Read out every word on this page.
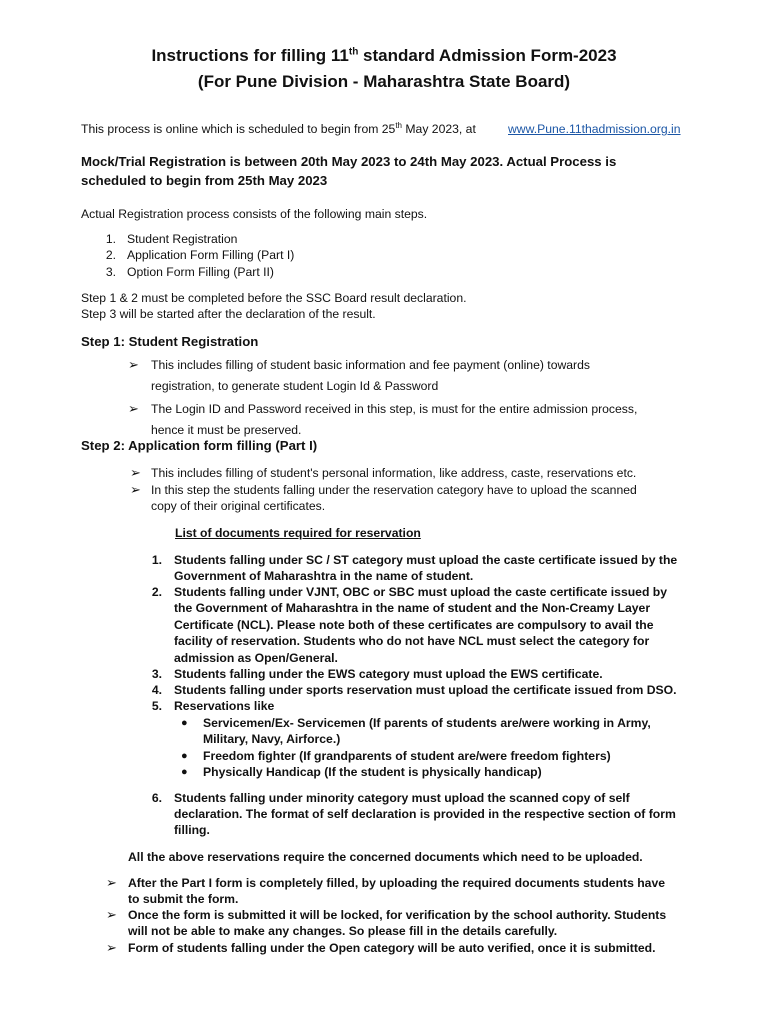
Instructions for filling 11th standard Admission Form-2023
(For Pune Division - Maharashtra State Board)
This process is online which is scheduled to begin from 25th May 2023, at	www.Pune.11thadmission.org.in
Mock/Trial Registration is between 20th May 2023 to 24th May 2023. Actual Process is
scheduled to begin from 25th May 2023
Actual Registration process consists of the following main steps.
1. Student Registration
2. Application Form Filling (Part I)
3. Option Form Filling (Part II)
Step 1 & 2 must be completed before the SSC Board result declaration.
Step 3 will be started after the declaration of the result.
Step 1: Student Registration
➢ This includes filling of student basic information and fee payment (online) towards
registration, to generate student Login Id & Password
➢ The Login ID and Password received in this step, is must for the entire admission process,
hence it must be preserved.
Step 2: Application form filling (Part I)
➢ This includes filling of student's personal information, like address, caste, reservations etc.
➢ In this step the students falling under the reservation category have to upload the scanned
copy of their original certificates.
List of documents required for reservation
1. Students falling under SC / ST category must upload the caste certificate issued by the
Government of Maharashtra in the name of student.
2. Students falling under VJNT, OBC or SBC must upload the caste certificate issued by
the Government of Maharashtra in the name of student and the Non-Creamy Layer
Certificate (NCL). Please note both of these certificates are compulsory to avail the
facility of reservation. Students who do not have NCL must select the category for
admission as Open/General.
3. Students falling under the EWS category must upload the EWS certificate.
4. Students falling under sports reservation must upload the certificate issued from DSO.
5. Reservations like
● Servicemen/Ex- Servicemen (If parents of students are/were working in Army,
Military, Navy, Airforce.)
● Freedom fighter (If grandparents of student are/were freedom fighters)
● Physically Handicap (If the student is physically handicap)
6. Students falling under minority category must upload the scanned copy of self
declaration. The format of self declaration is provided in the respective section of form
filling.
All the above reservations require the concerned documents which need to be uploaded.
➢ After the Part I form is completely filled, by uploading the required documents students have
to submit the form.
➢ Once the form is submitted it will be locked, for verification by the school authority. Students
will not be able to make any changes. So please fill in the details carefully.
➢ Form of students falling under the Open category will be auto verified, once it is submitted.
